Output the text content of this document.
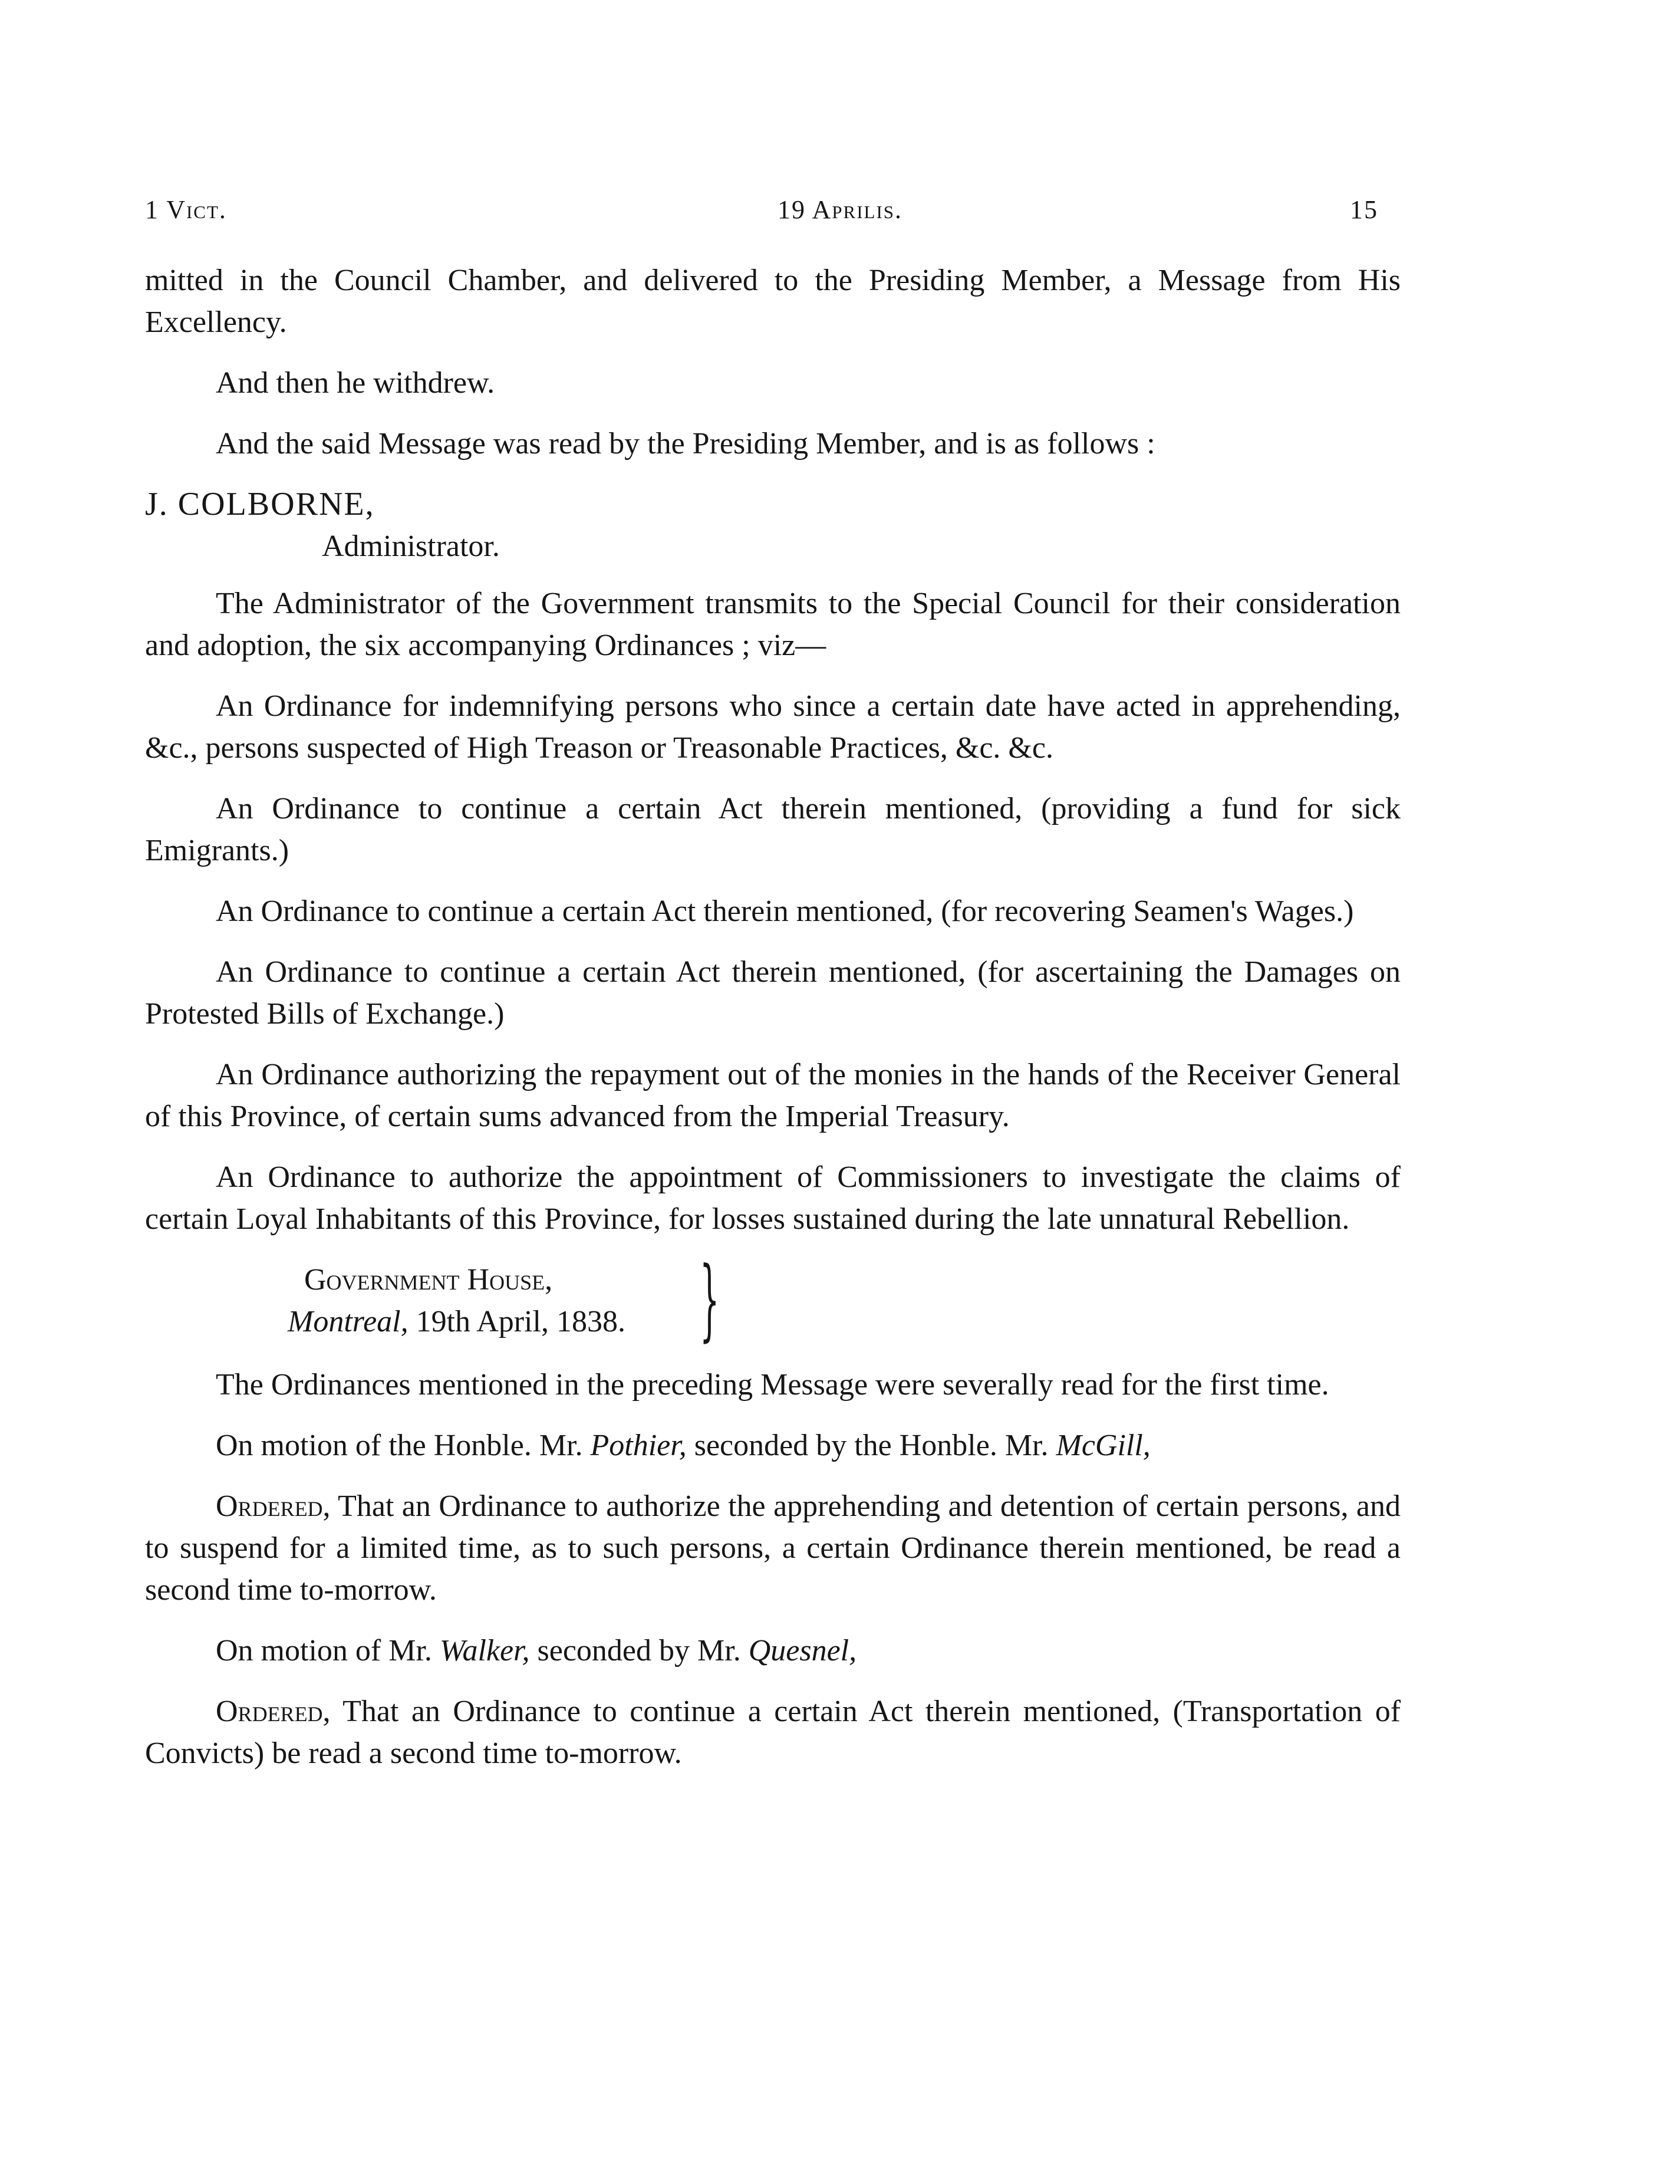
1 Vict.	19 Aprilis.	15

mitted in the Council Chamber, and delivered to the Presiding Member, a Message from His Excellency.

And then he withdrew.

And the said Message was read by the Presiding Member, and is as follows :

J. COLBORNE,
Administrator.

The Administrator of the Government transmits to the Special Council for their consideration and adoption, the six accompanying Ordinances ; viz—

An Ordinance for indemnifying persons who since a certain date have acted in apprehending, &c., persons suspected of High Treason or Treasonable Practices, &c. &c.

An Ordinance to continue a certain Act therein mentioned, (providing a fund for sick Emigrants.)

An Ordinance to continue a certain Act therein mentioned, (for recovering Seamen's Wages.)

An Ordinance to continue a certain Act therein mentioned, (for ascertaining the Damages on Protested Bills of Exchange.)

An Ordinance authorizing the repayment out of the monies in the hands of the Receiver General of this Province, of certain sums advanced from the Imperial Treasury.

An Ordinance to authorize the appointment of Commissioners to investigate the claims of certain Loyal Inhabitants of this Province, for losses sustained during the late unnatural Rebellion.

Government House,
Montreal, 19th April, 1838. }

The Ordinances mentioned in the preceding Message were severally read for the first time.

On motion of the Honble. Mr. Pothier, seconded by the Honble. Mr. McGill,

Ordered, That an Ordinance to authorize the apprehending and detention of certain persons, and to suspend for a limited time, as to such persons, a certain Ordinance therein mentioned, be read a second time to-morrow.

On motion of Mr. Walker, seconded by Mr. Quesnel,

Ordered, That an Ordinance to continue a certain Act therein mentioned, (Transportation of Convicts) be read a second time to-morrow.
